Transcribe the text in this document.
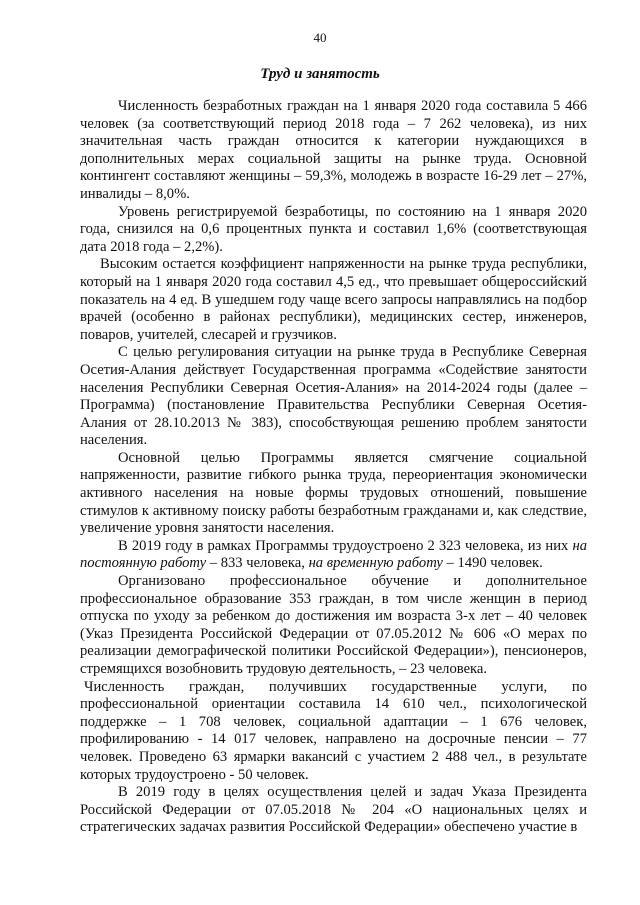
40
Труд и занятость

Численность безработных граждан на 1 января 2020 года составила 5 466 человек (за соответствующий период 2018 года – 7 262 человека), из них значительная часть граждан относится к категории нуждающихся в дополнительных мерах социальной защиты на рынке труда. Основной контингент составляют женщины – 59,3%, молодежь в возрасте 16-29 лет – 27%, инвалиды – 8,0%.

Уровень регистрируемой безработицы, по состоянию на 1 января 2020 года, снизился на 0,6 процентных пункта и составил 1,6% (соответствующая дата 2018 года – 2,2%).

Высоким остается коэффициент напряженности на рынке труда республики, который на 1 января 2020 года составил 4,5 ед., что превышает общероссийский показатель на 4 ед. В ушедшем году чаще всего запросы направлялись на подбор врачей (особенно в районах республики), медицинских сестер, инженеров, поваров, учителей, слесарей и грузчиков.

С целью регулирования ситуации на рынке труда в Республике Северная Осетия-Алания действует Государственная программа «Содействие занятости населения Республики Северная Осетия-Алания» на 2014-2024 годы (далее – Программа) (постановление Правительства Республики Северная Осетия-Алания от 28.10.2013 № 383), способствующая решению проблем занятости населения.

Основной целью Программы является смягчение социальной напряженности, развитие гибкого рынка труда, переориентация экономически активного населения на новые формы трудовых отношений, повышение стимулов к активному поиску работы безработным гражданами и, как следствие, увеличение уровня занятости населения.

В 2019 году в рамках Программы трудоустроено 2 323 человека, из них на постоянную работу – 833 человека, на временную работу – 1490 человек.

Организовано профессиональное обучение и дополнительное профессиональное образование 353 граждан, в том числе женщин в период отпуска по уходу за ребенком до достижения им возраста 3-х лет – 40 человек (Указ Президента Российской Федерации от 07.05.2012 № 606 «О мерах по реализации демографической политики Российской Федерации»), пенсионеров, стремящихся возобновить трудовую деятельность, – 23 человека.

Численность граждан, получивших государственные услуги, по профессиональной ориентации составила 14 610 чел., психологической поддержке – 1 708 человек, социальной адаптации – 1 676 человек, профилированию - 14 017 человек, направлено на досрочные пенсии – 77 человек. Проведено 63 ярмарки вакансий с участием 2 488 чел., в результате которых трудоустроено - 50 человек.

В 2019 году в целях осуществления целей и задач Указа Президента Российской Федерации от 07.05.2018 № 204 «О национальных целях и стратегических задачах развития Российской Федерации» обеспечено участие в
